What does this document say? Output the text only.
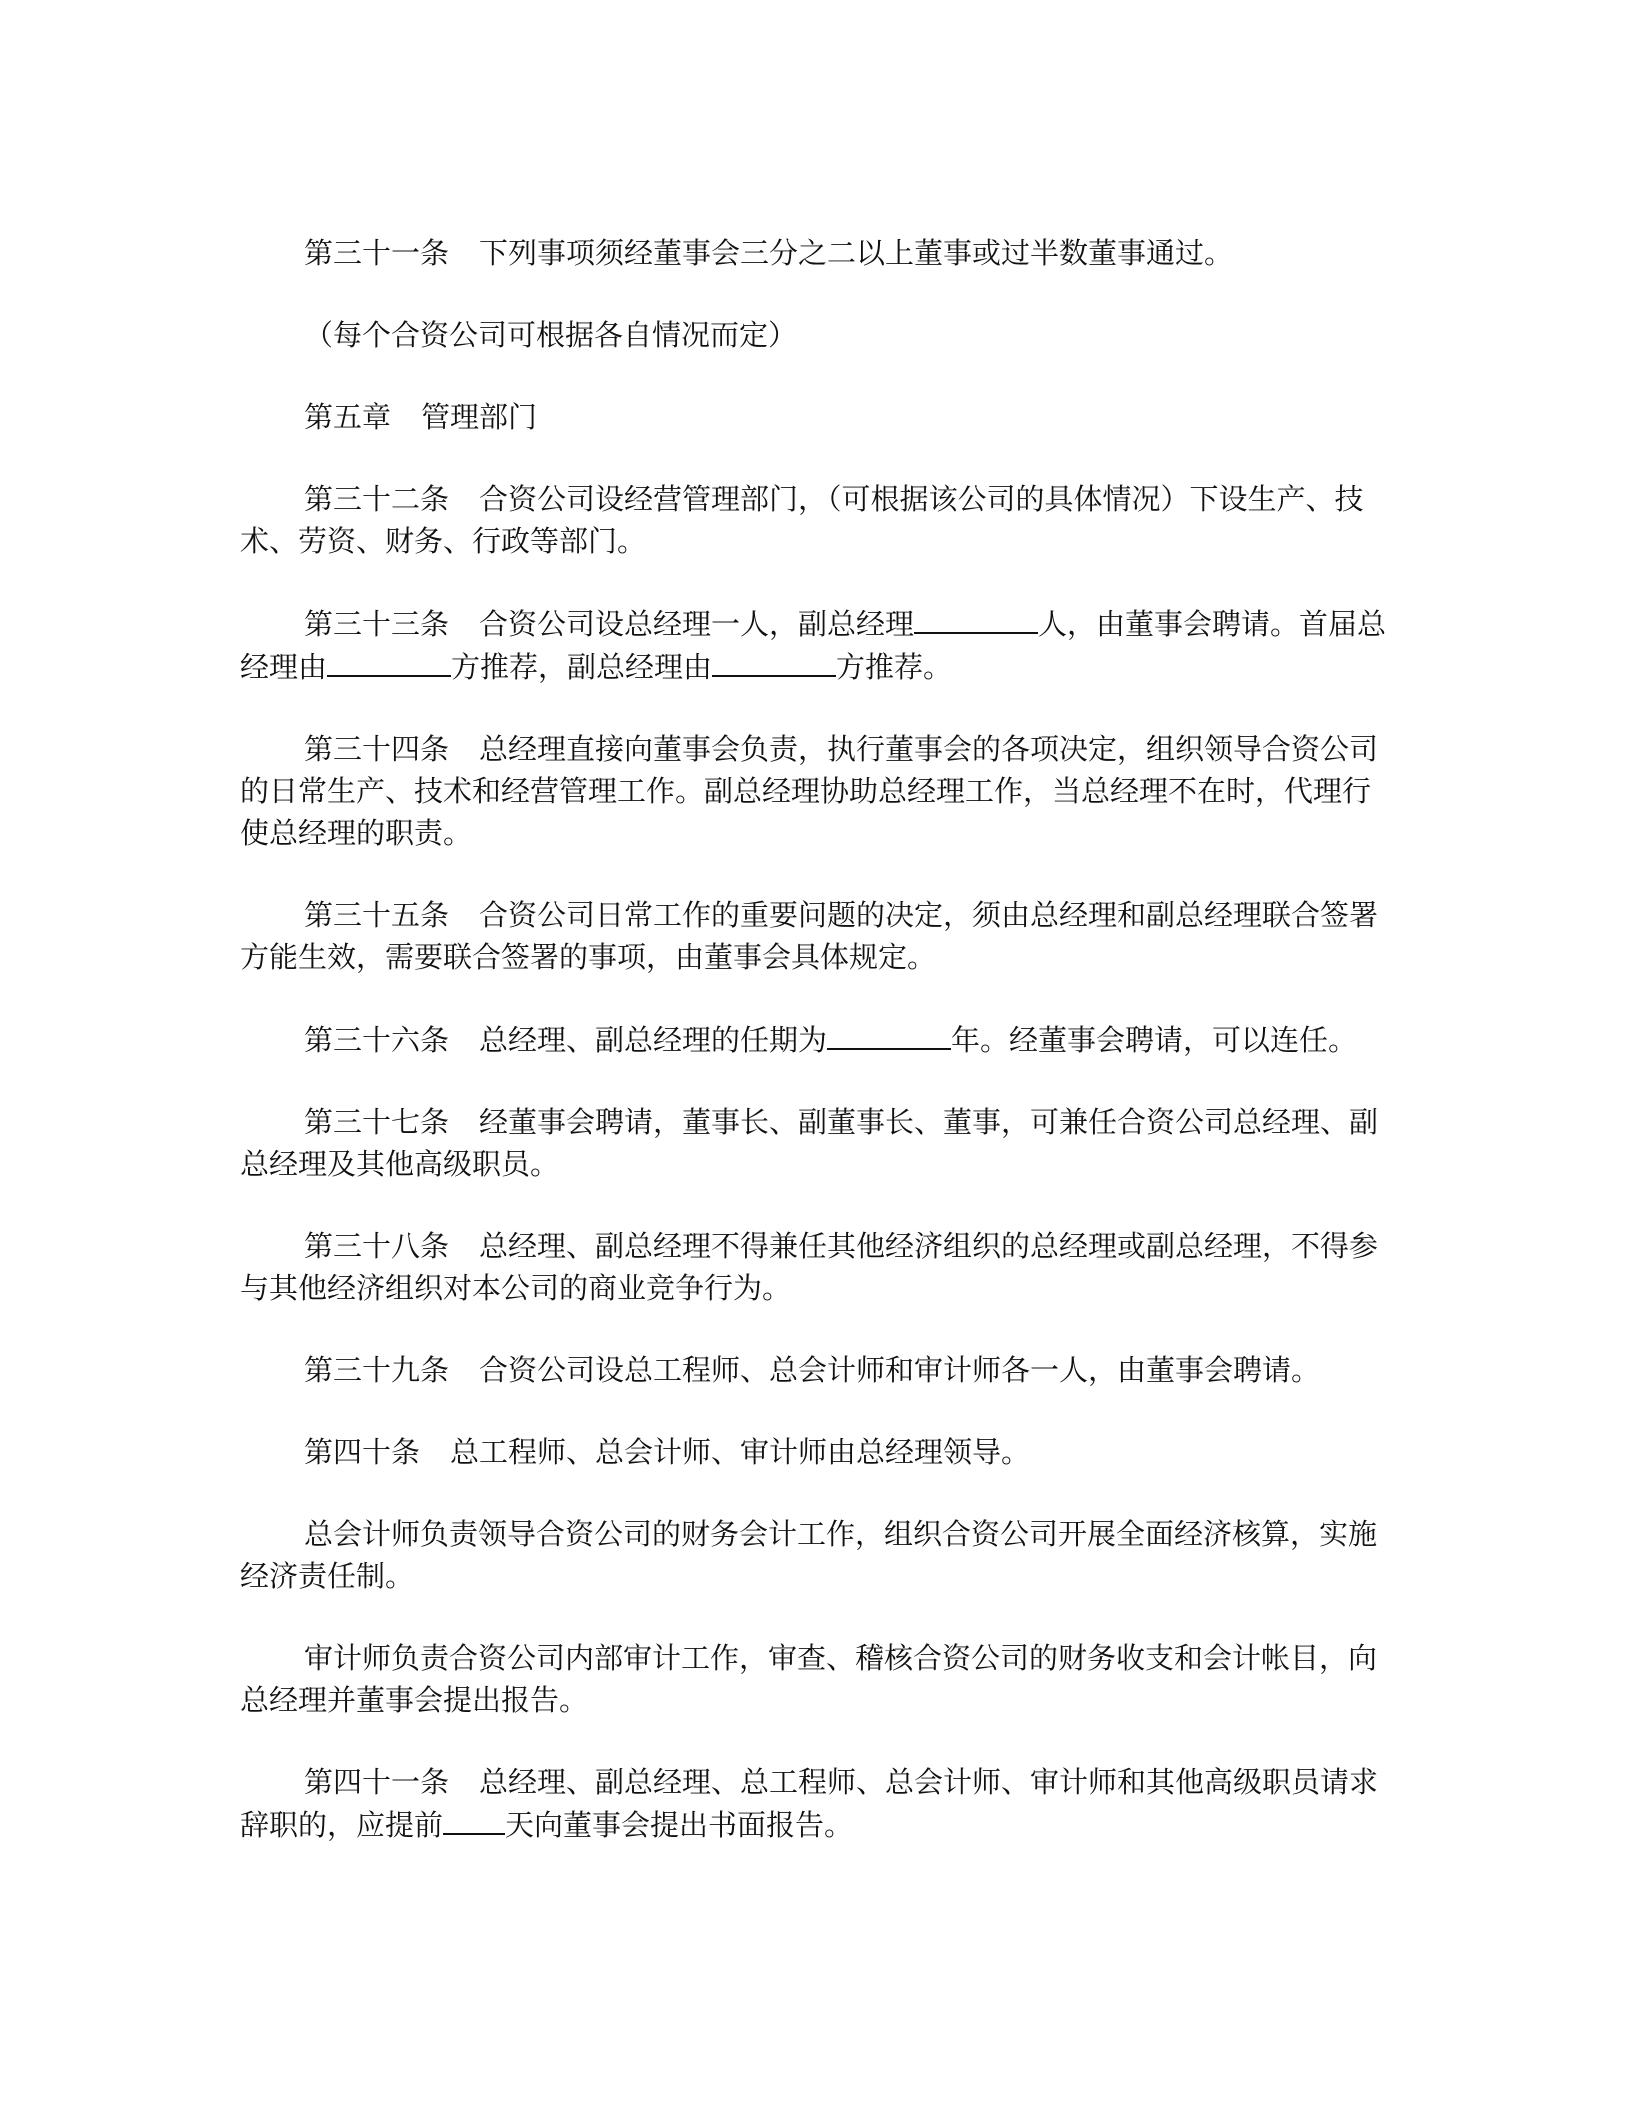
第三十一条 下列事项须经董事会三分之二以上董事或过半数董事通过。

（每个合资公司可根据各自情况而定）

第五章 管理部门

第三十二条 合资公司设经营管理部门，（可根据该公司的具体情况）下设生产、技术、劳资、财务、行政等部门。

第三十三条 合资公司设总经理一人，副总经理	人，由董事会聘请。首届总经理由	方推荐，副总经理由	方推荐。

第三十四条 总经理直接向董事会负责，执行董事会的各项决定，组织领导合资公司的日常生产、技术和经营管理工作。副总经理协助总经理工作，当总经理不在时，代理行使总经理的职责。

第三十五条 合资公司日常工作的重要问题的决定，须由总经理和副总经理联合签署方能生效，需要联合签署的事项，由董事会具体规定。

第三十六条 总经理、副总经理的任期为	年。经董事会聘请，可以连任。

第三十七条 经董事会聘请，董事长、副董事长、董事，可兼任合资公司总经理、副总经理及其他高级职员。

第三十八条 总经理、副总经理不得兼任其他经济组织的总经理或副总经理，不得参与其他经济组织对本公司的商业竞争行为。

第三十九条 合资公司设总工程师、总会计师和审计师各一人，由董事会聘请。

第四十条 总工程师、总会计师、审计师由总经理领导。

总会计师负责领导合资公司的财务会计工作，组织合资公司开展全面经济核算，实施经济责任制。

审计师负责合资公司内部审计工作，审查、稽核合资公司的财务收支和会计帐目，向总经理并董事会提出报告。

第四十一条 总经理、副总经理、总工程师、总会计师、审计师和其他高级职员请求辞职的，应提前 天向董事会提出书面报告。
